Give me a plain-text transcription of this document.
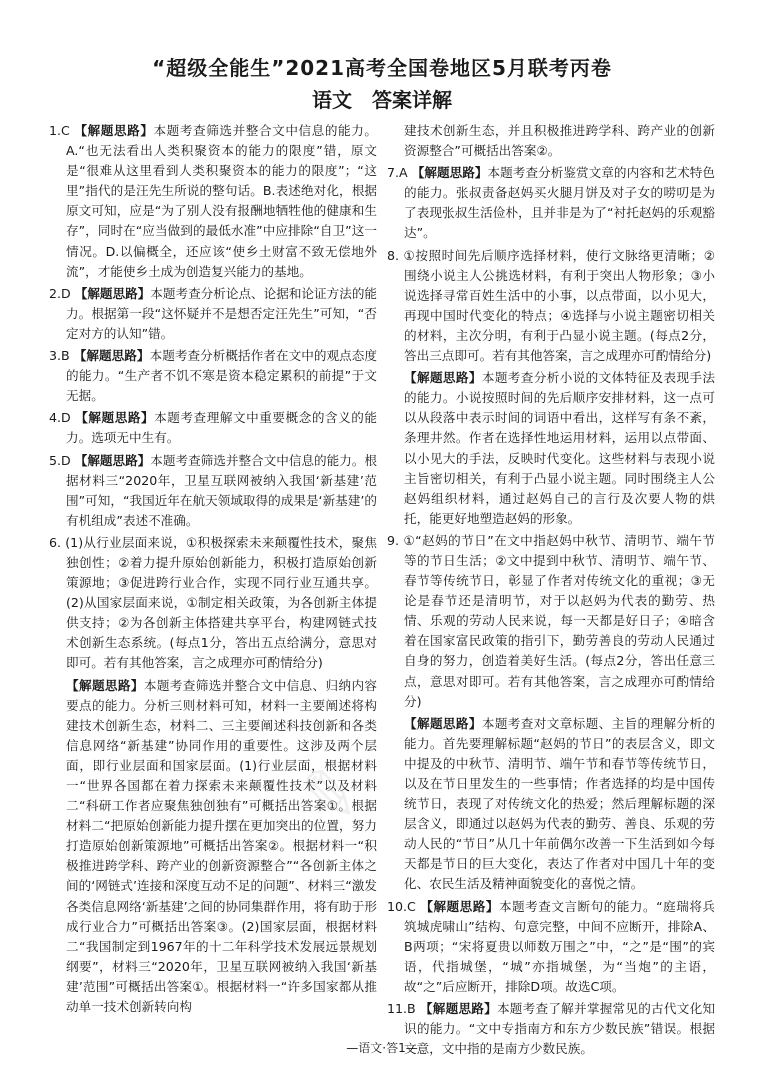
“超级全能生”2021高考全国卷地区5月联考丙卷
语文　答案详解
1.C 【解题思路】本题考查筛选并整合文中信息的能力。A.“也无法看出人类积聚资本的能力的限度”错，原文是“很难从这里看到人类积聚资本的能力的限度”；“这里”指代的是汪先生所说的整句话。B.表述绝对化，根据原文可知，应是“为了别人没有报酬地牺牲他的健康和生存”，同时在“应当做到的最低水准”中应排除“自卫”这一情况。D.以偏概全，还应该“使乡土财富不致无偿地外流”，才能使乡土成为创造复兴能力的基地。
2.D 【解题思路】本题考查分析论点、论据和论证方法的能力。根据第一段“这怀疑并不是想否定汪先生”可知，“否定对方的认知”错。
3.B 【解题思路】本题考查分析概括作者在文中的观点态度的能力。“生产者不饥不寒是资本稳定累积的前提”于文无据。
4.D 【解题思路】本题考查理解文中重要概念的含义的能力。选项无中生有。
5.D 【解题思路】本题考查筛选并整合文中信息的能力。根据材料三“2020年，卫星互联网被纳入我国‘新基建’范围”可知，“我国近年在航天领域取得的成果是‘新基建’的有机组成”表述不准确。
6. (1)从行业层面来说，①积极探索未来颠覆性技术，聚焦独创性；②着力提升原始创新能力，积极打造原始创新策源地；③促进跨行业合作，实现不同行业互通共享。(2)从国家层面来说，①制定相关政策，为各创新主体提供支持；②为各创新主体搭建共享平台，构建网链式技术创新生态系统。(每点1分，答出五点给满分，意思对即可。若有其他答案，言之成理亦可酌情给分)
【解题思路】本题考查筛选并整合文中信息、归纳内容要点的能力。分析三则材料可知，材料一主要阐述将构建技术创新生态，材料二、三主要阐述科技创新和各类信息网络“新基建”协同作用的重要性。这涉及两个层面，即行业层面和国家层面。(1)行业层面，根据材料一“世界各国都在着力探索未来颠覆性技术”以及材料二“科研工作者应聚焦独创独有”可概括出答案①。根据材料二“把原始创新能力提升摆在更加突出的位置，努力打造原始创新策源地”可概括出答案②。根据材料一“积极推进跨学科、跨产业的创新资源整合”“各创新主体之间的‘网链式’连接和深度互动不足的问题”、材料三“激发各类信息网络‘新基建’之间的协同集群作用，将有助于形成行业合力”可概括出答案③。(2)国家层面，根据材料二“我国制定到1967年的十二年科学技术发展远景规划纲要”，材料三“2020年，卫星互联网被纳入我国‘新基建’范围”可概括出答案①。根据材料一“许多国家都从推动单一技术创新转向构
建技术创新生态，并且积极推进跨学科、跨产业的创新资源整合”可概括出答案②。
7.A 【解题思路】本题考查分析鉴赏文章的内容和艺术特色的能力。张叔责备赵妈买火腿月饼及对子女的唠叨是为了表现张叔生活俭朴，且并非是为了“衬托赵妈的乐观豁达”。
8. ①按照时间先后顺序选择材料，使行文脉络更清晰；②围绕小说主人公挑选材料，有利于突出人物形象；③小说选择寻常百姓生活中的小事，以点带面，以小见大，再现中国时代变化的特点；④选择与小说主题密切相关的材料，主次分明，有利于凸显小说主题。(每点2分，答出三点即可。若有其他答案，言之成理亦可酌情给分)
【解题思路】本题考查分析小说的文体特征及表现手法的能力。小说按照时间的先后顺序安排材料，这一点可以从段落中表示时间的词语中看出，这样写有条不紊，条理井然。作者在选择性地运用材料，运用以点带面、以小见大的手法，反映时代变化。这些材料与表现小说主旨密切相关，有利于凸显小说主题。同时围绕主人公赵妈组织材料，通过赵妈自己的言行及次要人物的烘托，能更好地塑造赵妈的形象。
9. ①“赵妈的节日”在文中指赵妈中秋节、清明节、端午节等的节日生活；②文中提到中秋节、清明节、端午节、春节等传统节日，彰显了作者对传统文化的重视；③无论是春节还是清明节，对于以赵妈为代表的勤劳、热情、乐观的劳动人民来说，每一天都是好日子；④暗含着在国家富民政策的指引下，勤劳善良的劳动人民通过自身的努力，创造着美好生活。(每点2分，答出任意三点，意思对即可。若有其他答案，言之成理亦可酌情给分)
【解题思路】本题考查对文章标题、主旨的理解分析的能力。首先要理解标题“赵妈的节日”的表层含义，即文中提及的中秋节、清明节、端午节和春节等传统节日，以及在节日里发生的一些事情；作者选择的均是中国传统节日，表现了对传统文化的热爱；然后理解标题的深层含义，即通过以赵妈为代表的勤劳、善良、乐观的劳动人民的“节日”从几十年前偶尔改善一下生活到如今每天都是节日的巨大变化，表达了作者对中国几十年的变化、农民生活及精神面貌变化的喜悦之情。
10.C 【解题思路】本题考查文言断句的能力。“庭瑞将兵筑城虎啸山”结构、句意完整，中间不应断开，排除A、B两项；“宋将夏贵以师数万围之”中，“之”是“围”的宾语，代指城堡，“城”亦指城堡，为“当炮”的主语，故“之”后应断开，排除D项。故选C项。
11.B 【解题思路】本题考查了解并掌握常见的古代文化知识的能力。“文中专指南方和东方少数民族”错误。根据文意，文中指的是南方少数民族。
✎
—语文·答1—
